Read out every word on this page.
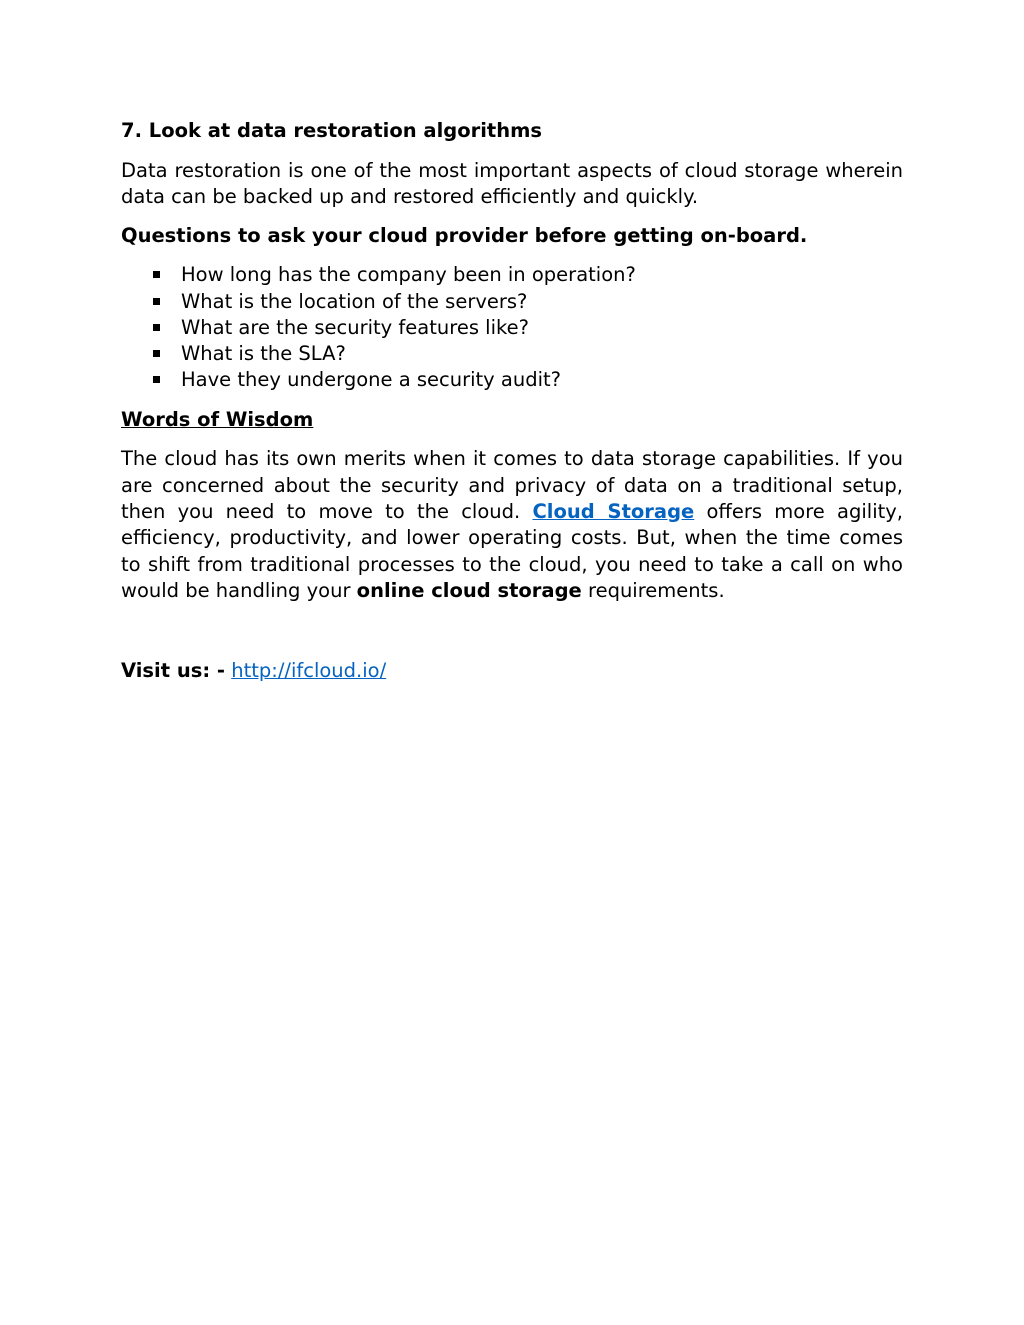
7. Look at data restoration algorithms

Data restoration is one of the most important aspects of cloud storage wherein data can be backed up and restored efficiently and quickly.

Questions to ask your cloud provider before getting on-board.

How long has the company been in operation?
What is the location of the servers?
What are the security features like?
What is the SLA?
Have they undergone a security audit?

Words of Wisdom

The cloud has its own merits when it comes to data storage capabilities. If you are concerned about the security and privacy of data on a traditional setup, then you need to move to the cloud. Cloud Storage offers more agility, efficiency, productivity, and lower operating costs. But, when the time comes to shift from traditional processes to the cloud, you need to take a call on who would be handling your online cloud storage requirements.

Visit us: - http://ifcloud.io/
